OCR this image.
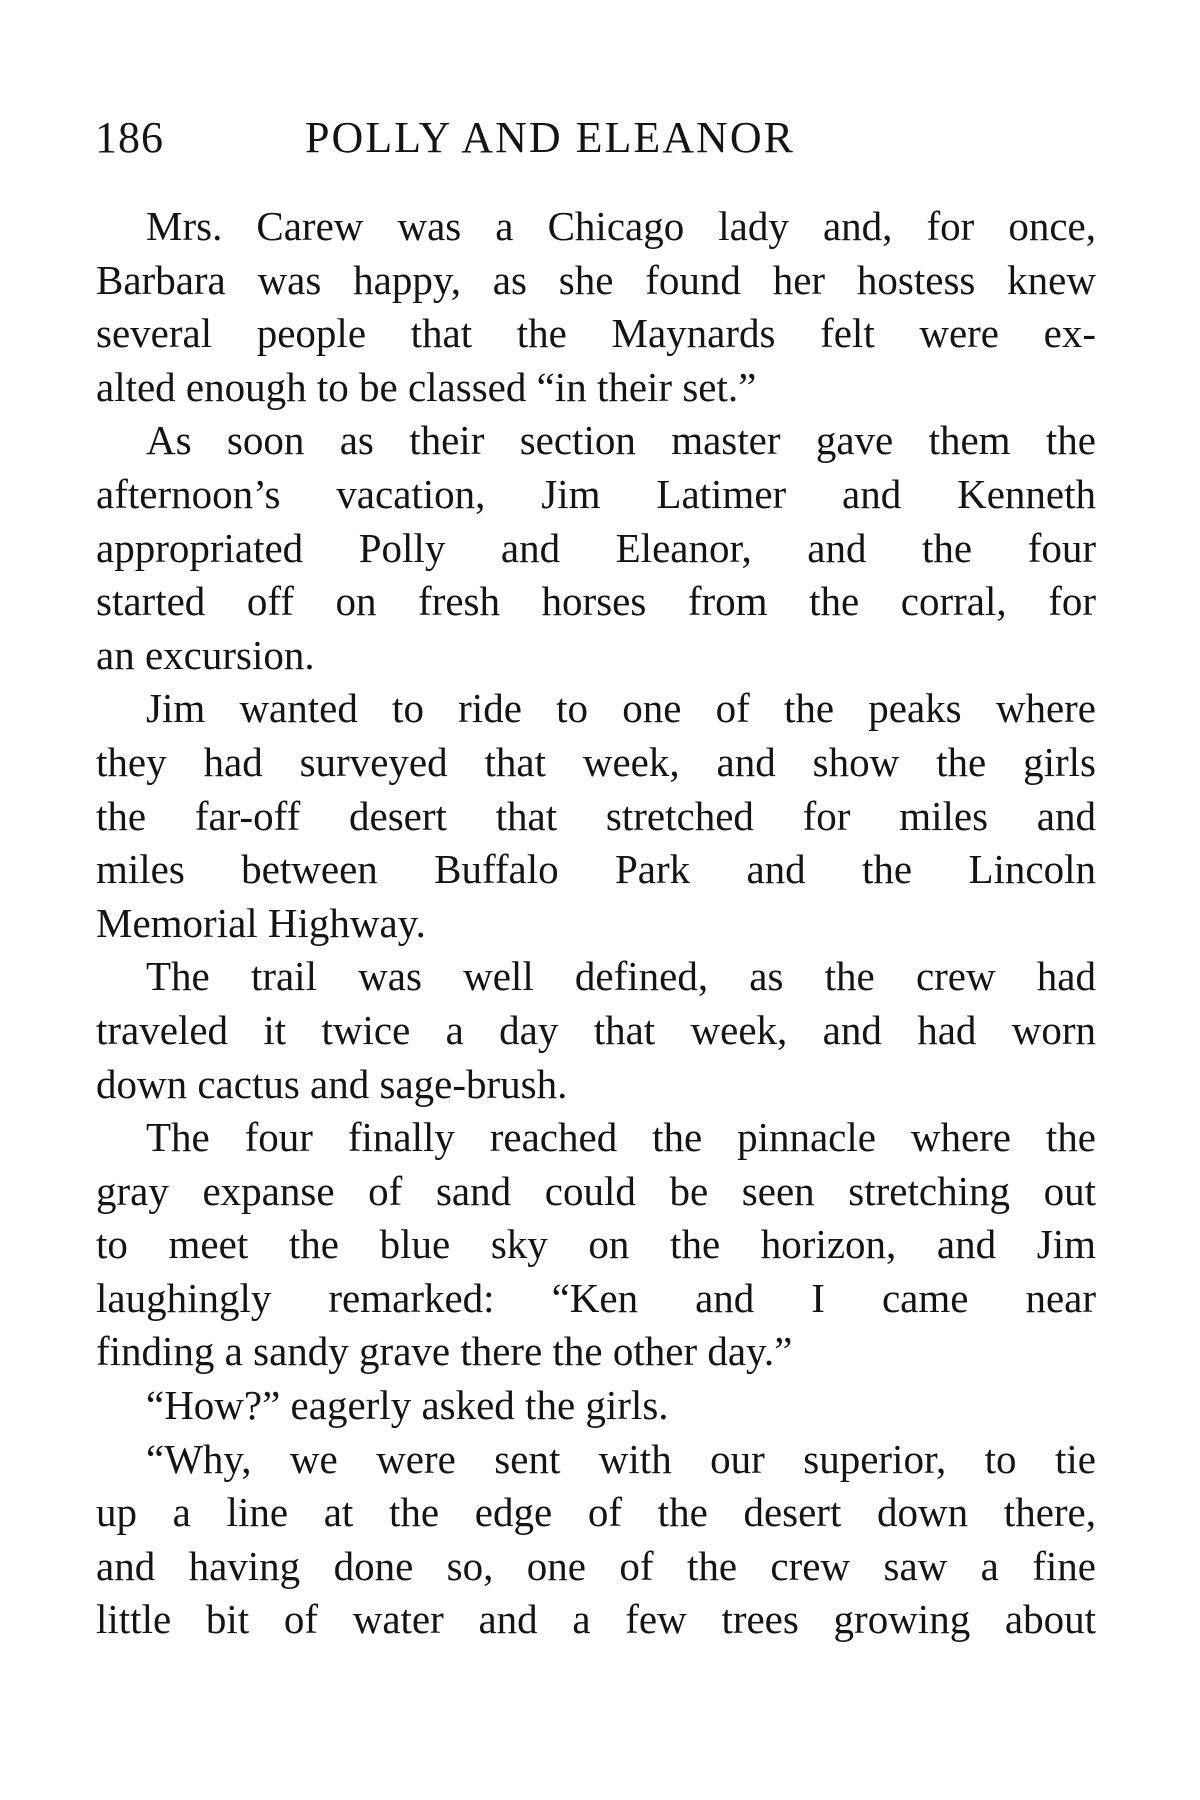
186	POLLY AND ELEANOR
Mrs. Carew was a Chicago lady and, for once,
Barbara was happy, as she found her hostess knew
several people that the Maynards felt were ex-
alted enough to be classed “in their set.”
As soon as their section master gave them the
afternoon’s vacation, Jim Latimer and Kenneth
appropriated Polly and Eleanor, and the four
started off on fresh horses from the corral, for
an excursion.
Jim wanted to ride to one of the peaks where
they had surveyed that week, and show the girls
the far-off desert that stretched for miles and
miles between Buffalo Park and the Lincoln
Memorial Highway.
The trail was well defined, as the crew had
traveled it twice a day that week, and had worn
down cactus and sage-brush.
The four finally reached the pinnacle where the
gray expanse of sand could be seen stretching out
to meet the blue sky on the horizon, and Jim
laughingly remarked: “Ken and I came near
finding a sandy grave there the other day.”
“How?” eagerly asked the girls.
“Why, we were sent with our superior, to tie
up a line at the edge of the desert down there,
and having done so, one of the crew saw a fine
little bit of water and a few trees growing about
